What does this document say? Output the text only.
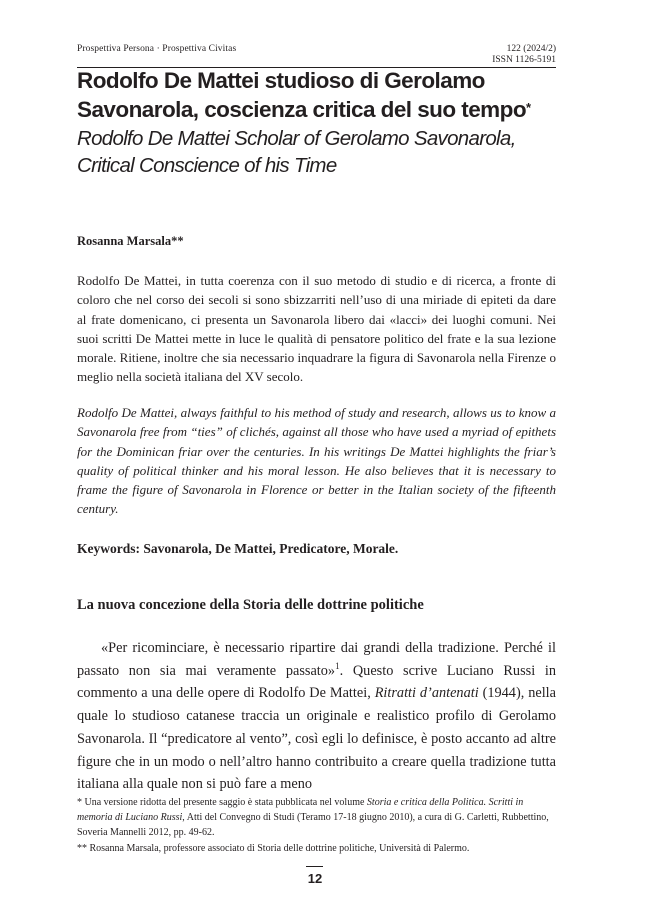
Prospettiva Persona · Prospettiva Civitas	122 (2024/2)
ISSN 1126-5191
Rodolfo De Mattei studioso di Gerolamo
Savonarola, coscienza critica del suo tempo*
Rodolfo De Mattei Scholar of Gerolamo Savonarola,
Critical Conscience of his Time
Rosanna Marsala**

Rodolfo De Mattei, in tutta coerenza con il suo metodo di studio e di ricerca, a fronte di coloro che nel corso dei secoli si sono sbizzarriti nell’uso di una miriade di epiteti da dare al frate domenicano, ci presenta un Savonarola libero dai «lacci» dei luoghi comuni. Nei suoi scritti De Mattei mette in luce le qualità di pensatore politico del frate e la sua lezione morale. Ritiene, inoltre che sia necessario inquadrare la figura di Savonarola nella Firenze o meglio nella società italiana del XV secolo.

Rodolfo De Mattei, always faithful to his method of study and research, allows us to know a Savonarola free from “ties” of clichés, against all those who have used a myriad of epithets for the Dominican friar over the centuries. In his writings De Mattei highlights the friar’s quality of political thinker and his moral lesson. He also believes that it is necessary to frame the figure of Savonarola in Florence or better in the Italian society of the fifteenth century.

Keywords: Savonarola, De Mattei, Predicatore, Morale.
La nuova concezione della Storia delle dottrine politiche

«Per ricominciare, è necessario ripartire dai grandi della tradizione. Perché il passato non sia mai veramente passato»$^1$. Questo scrive Luciano Russi in commento a una delle opere di Rodolfo De Mattei, Ritratti d’antenati (1944), nella quale lo studioso catanese traccia un originale e realistico profilo di Gerolamo Savonarola. Il “predicatore al vento”, così egli lo definisce, è posto accanto ad altre figure che in un modo o nell’altro hanno contribuito a creare quella tradizione tutta italiana alla quale non si può fare a meno

* Una versione ridotta del presente saggio è stata pubblicata nel volume Storia e critica della Politica. Scritti in memoria di Luciano Russi, Atti del Convegno di Studi (Teramo 17-18 giugno 2010), a cura di G. Carletti, Rubbettino, Soveria Mannelli 2012, pp. 49-62.

** Rosanna Marsala, professore associato di Storia delle dottrine politiche, Università di Palermo.

12
